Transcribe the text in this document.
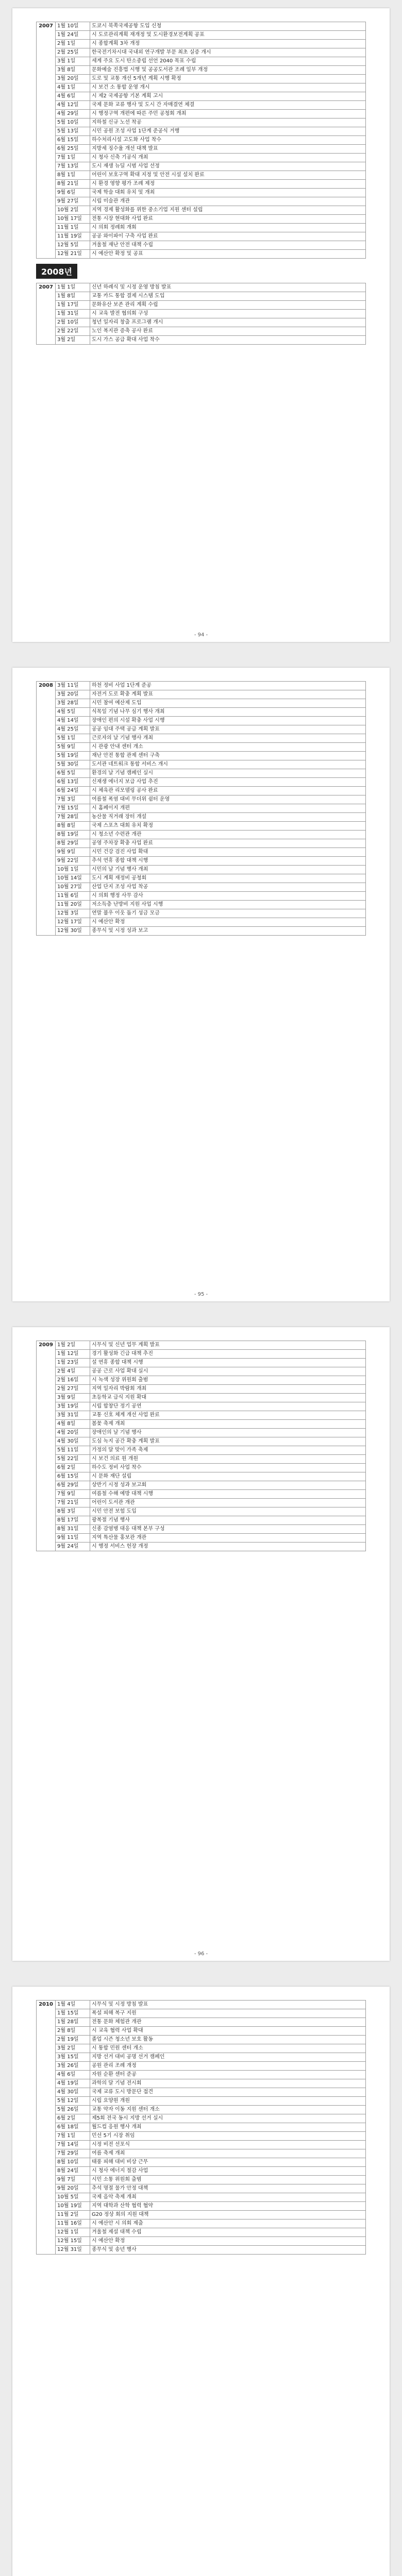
2007	1월 10일	도쿄시 북쪽국제공항 도입 신청
	1월 24일	시 도로관리계획 재개정 및 도시환경보전계획 공표
	2월 1일	시 종합계획 3차 개정
	2월 25일	한국전기차시대 국내외 연구개발 부문 최초 실증 개시
	3월 1일	세계 주요 도시 탄소중립 선언 2040 목표 수립
	3월 8일	문화예술 진흥법 시행 및 공공도서관 조례 일부 개정
	3월 20일	도로 및 교통 개선 5개년 계획 시행 확정
	4월 1일	시 보건 소 통합 운영 개시
	4월 6일	시 제2 국제공항 기본 계획 고시
	4월 12일	국제 문화 교류 행사 및 도시 간 자매결연 체결
	4월 29일	시 행정구역 개편에 따른 주민 공청회 개최
	5월 10일	지하철 신규 노선 착공
	5월 13일	시민 공원 조성 사업 1단계 준공식 거행
	6월 15일	하수처리시설 고도화 사업 착수
	6월 25일	지방세 징수율 개선 대책 발표
	7월 1일	시 청사 신축 기공식 개최
	7월 13일	도시 재생 뉴딜 시범 사업 선정
	8월 1일	어린이 보호구역 확대 지정 및 안전 시설 설치 완료
	8월 21일	시 환경 영향 평가 조례 제정
	9월 6일	국제 학술 대회 유치 및 개최
	9월 27일	시립 미술관 개관
	10월 2일	지역 경제 활성화를 위한 중소기업 지원 센터 설립
	10월 17일	전통 시장 현대화 사업 완료
	11월 1일	시 의회 정례회 개회
	11월 19일	공공 와이파이 구축 사업 완료
	12월 5일	겨울철 재난 안전 대책 수립
	12월 21일	시 예산안 확정 및 공표
2008년
2007	1월 1일	신년 하례식 및 시정 운영 방침 발표
	1월 8일	교통 카드 통합 결제 시스템 도입
	1월 17일	문화유산 보존 관리 계획 수립
	1월 31일	시 교육 발전 협의회 구성
	2월 10일	청년 일자리 창출 프로그램 개시
	2월 22일	노인 복지관 증축 공사 완료
	3월 2일	도시 가스 공급 확대 사업 착수
- 94 -
2008	3월 11일	하천 정비 사업 1단계 준공
	3월 20일	자전거 도로 확충 계획 발표
	3월 28일	시민 참여 예산제 도입
	4월 5일	식목일 기념 나무 심기 행사 개최
	4월 14일	장애인 편의 시설 확충 사업 시행
	4월 25일	공공 임대 주택 공급 계획 발표
	5월 1일	근로자의 날 기념 행사 개최
	5월 9일	시 관광 안내 센터 개소
	5월 19일	재난 안전 통합 관제 센터 구축
	5월 30일	도서관 네트워크 통합 서비스 개시
	6월 5일	환경의 날 기념 캠페인 실시
	6월 13일	신재생 에너지 보급 사업 추진
	6월 24일	시 체육관 리모델링 공사 완료
	7월 3일	여름철 폭염 대비 무더위 쉼터 운영
	7월 15일	시 홈페이지 개편
	7월 28일	농산물 직거래 장터 개설
	8월 8일	국제 스포츠 대회 유치 확정
	8월 19일	시 청소년 수련관 개관
	8월 29일	공영 주차장 확충 사업 완료
	9월 9일	시민 건강 검진 사업 확대
	9월 22일	추석 연휴 종합 대책 시행
	10월 1일	시민의 날 기념 행사 개최
	10월 14일	도시 계획 재정비 공청회
	10월 27일	산업 단지 조성 사업 착공
	11월 6일	시 의회 행정 사무 감사
	11월 20일	저소득층 난방비 지원 사업 시행
	12월 3일	연말 불우 이웃 돕기 성금 모금
	12월 17일	시 예산안 확정
	12월 30일	종무식 및 시정 성과 보고
- 95 -
2009	1월 2일	시무식 및 신년 업무 계획 발표
	1월 12일	경기 활성화 긴급 대책 추진
	1월 23일	설 연휴 종합 대책 시행
	2월 4일	공공 근로 사업 확대 실시
	2월 16일	시 녹색 성장 위원회 출범
	2월 27일	지역 일자리 박람회 개최
	3월 9일	초등학교 급식 지원 확대
	3월 19일	시립 합창단 정기 공연
	3월 31일	교통 신호 체계 개선 사업 완료
	4월 8일	봄꽃 축제 개최
	4월 20일	장애인의 날 기념 행사
	4월 30일	도심 녹지 공간 확충 계획 발표
	5월 11일	가정의 달 맞이 가족 축제
	5월 22일	시 보건 의료 원 개원
	6월 2일	하수도 정비 사업 착수
	6월 15일	시 문화 재단 설립
	6월 29일	상반기 시정 성과 보고회
	7월 9일	여름철 수해 예방 대책 시행
	7월 21일	어린이 도서관 개관
	8월 3일	시민 안전 보험 도입
	8월 17일	광복절 기념 행사
	8월 31일	신종 감염병 대응 대책 본부 구성
	9월 11일	지역 특산물 홍보관 개관
	9월 24일	시 행정 서비스 헌장 개정
- 96 -
2010	1월 4일	시무식 및 시정 방침 발표
	1월 15일	폭설 피해 복구 지원
	1월 28일	전통 문화 체험관 개관
	2월 8일	시 교육 협력 사업 확대
	2월 19일	졸업 시즌 청소년 보호 활동
	3월 2일	시 통합 민원 센터 개소
	3월 15일	지방 선거 대비 공명 선거 캠페인
	3월 26일	공원 관리 조례 개정
	4월 6일	자원 순환 센터 준공
	4월 19일	과학의 달 기념 전시회
	4월 30일	국제 교류 도시 방문단 접견
	5월 12일	시립 요양원 개원
	5월 26일	교통 약자 이동 지원 센터 개소
	6월 2일	제5회 전국 동시 지방 선거 실시
	6월 18일	월드컵 응원 행사 개최
	7월 1일	민선 5기 시장 취임
	7월 14일	시정 비전 선포식
	7월 29일	여름 축제 개최
	8월 10일	태풍 피해 대비 비상 근무
	8월 24일	시 청사 에너지 절감 사업
	9월 7일	시민 소통 위원회 출범
	9월 20일	추석 명절 물가 안정 대책
	10월 5일	국제 음악 축제 개최
	10월 19일	지역 대학과 산학 협력 협약
	11월 2일	G20 정상 회의 지원 대책
	11월 16일	시 예산안 시 의회 제출
	12월 1일	겨울철 제설 대책 수립
	12월 15일	시 예산안 확정
	12월 31일	종무식 및 송년 행사
